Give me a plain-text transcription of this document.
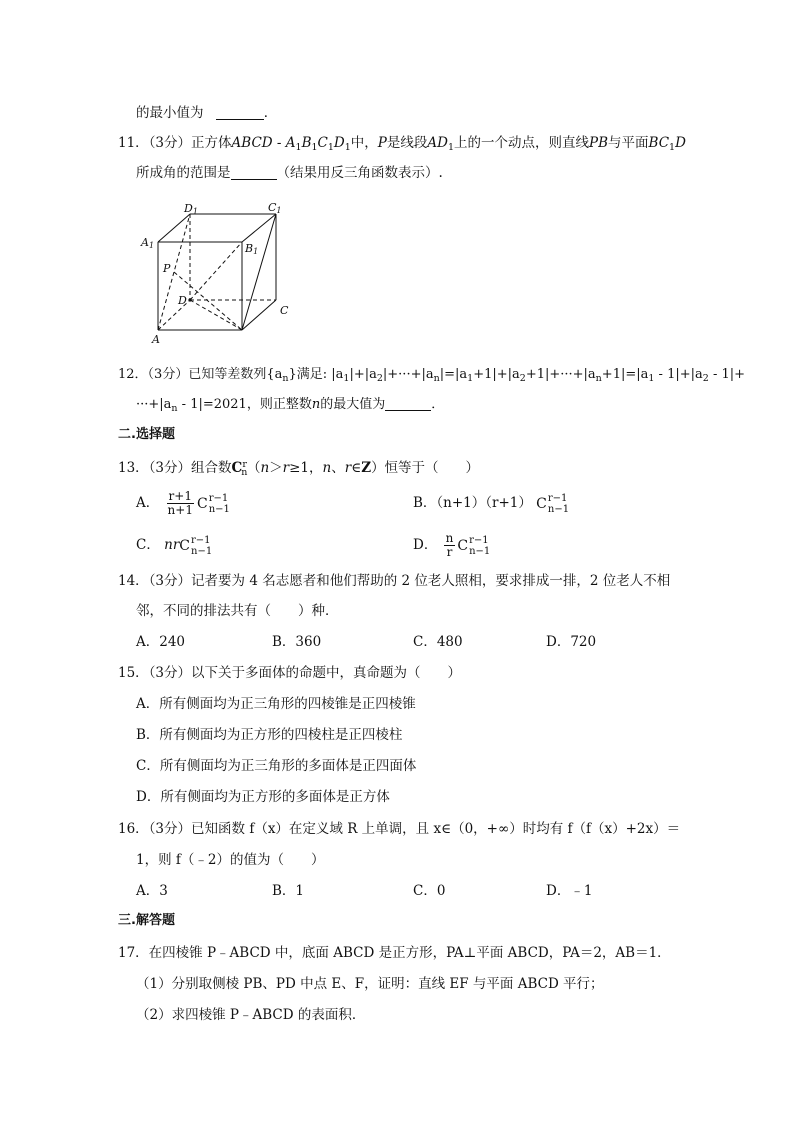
的最小值为	．
11．（3分）正方体ABCD - $A_1B_1C_1D_1$中，P是线段$AD_1$上的一个动点，则直线PB与平面$BC_1D$
所成角的范围是	（结果用反三角函数表示）.
D1	C1
A1	B1
P
D
C
A
12．（3分）已知等差数列$\{a_n\}$满足: $|a_1|+|a_2|+\cdot\cdot\cdot+|a_n|=|a_1+1|+|a_2+1|+\cdot\cdot\cdot+|a_n+1|=|a_1 - 1|+|a_2 - 1|+$
$\cdot\cdot\cdot+|a_n - 1|=2021$，则正整数n的最大值为	．
二.选择题
13．（3分）组合数$C_n^r(n>r\ge 1$，n、r∈Z）恒等于（　　）
A． $\frac{r+1}{n+1}$ C r−1
n−1	B．（n+1）（r+1） C r−1
n−1
C． nr C r−1
n−1	D． $\frac{n}{r}$ C r−1
n−1
14．（3分）记者要为 4 名志愿者和他们帮助的 2 位老人照相，要求排成一排，2 位老人不相
邻，不同的排法共有（　　）种．
A．240	B．360	C．480	D．720
15．（3分）以下关于多面体的命题中，真命题为（　　）
A．所有侧面均为正三角形的四棱锥是正四棱锥
B．所有侧面均为正方形的四棱柱是正四棱柱
C．所有侧面均为正三角形的多面体是正四面体
D．所有侧面均为正方形的多面体是正方体
16．（3分）已知函数 f（x）在定义域 R 上单调，且 x∈（0，+∞）时均有 f（f（x）+2x）＝
1，则 f（﹣2）的值为（　　）
A．3	B．1	C．0	D．﹣1
三.解答题
17．在四棱锥 P﹣ABCD 中，底面 ABCD 是正方形，PA⊥平面 ABCD，PA＝2，AB＝1．
（1）分别取侧棱 PB、PD 中点 E、F，证明：直线 EF 与平面 ABCD 平行；
（2）求四棱锥 P﹣ABCD 的表面积．
